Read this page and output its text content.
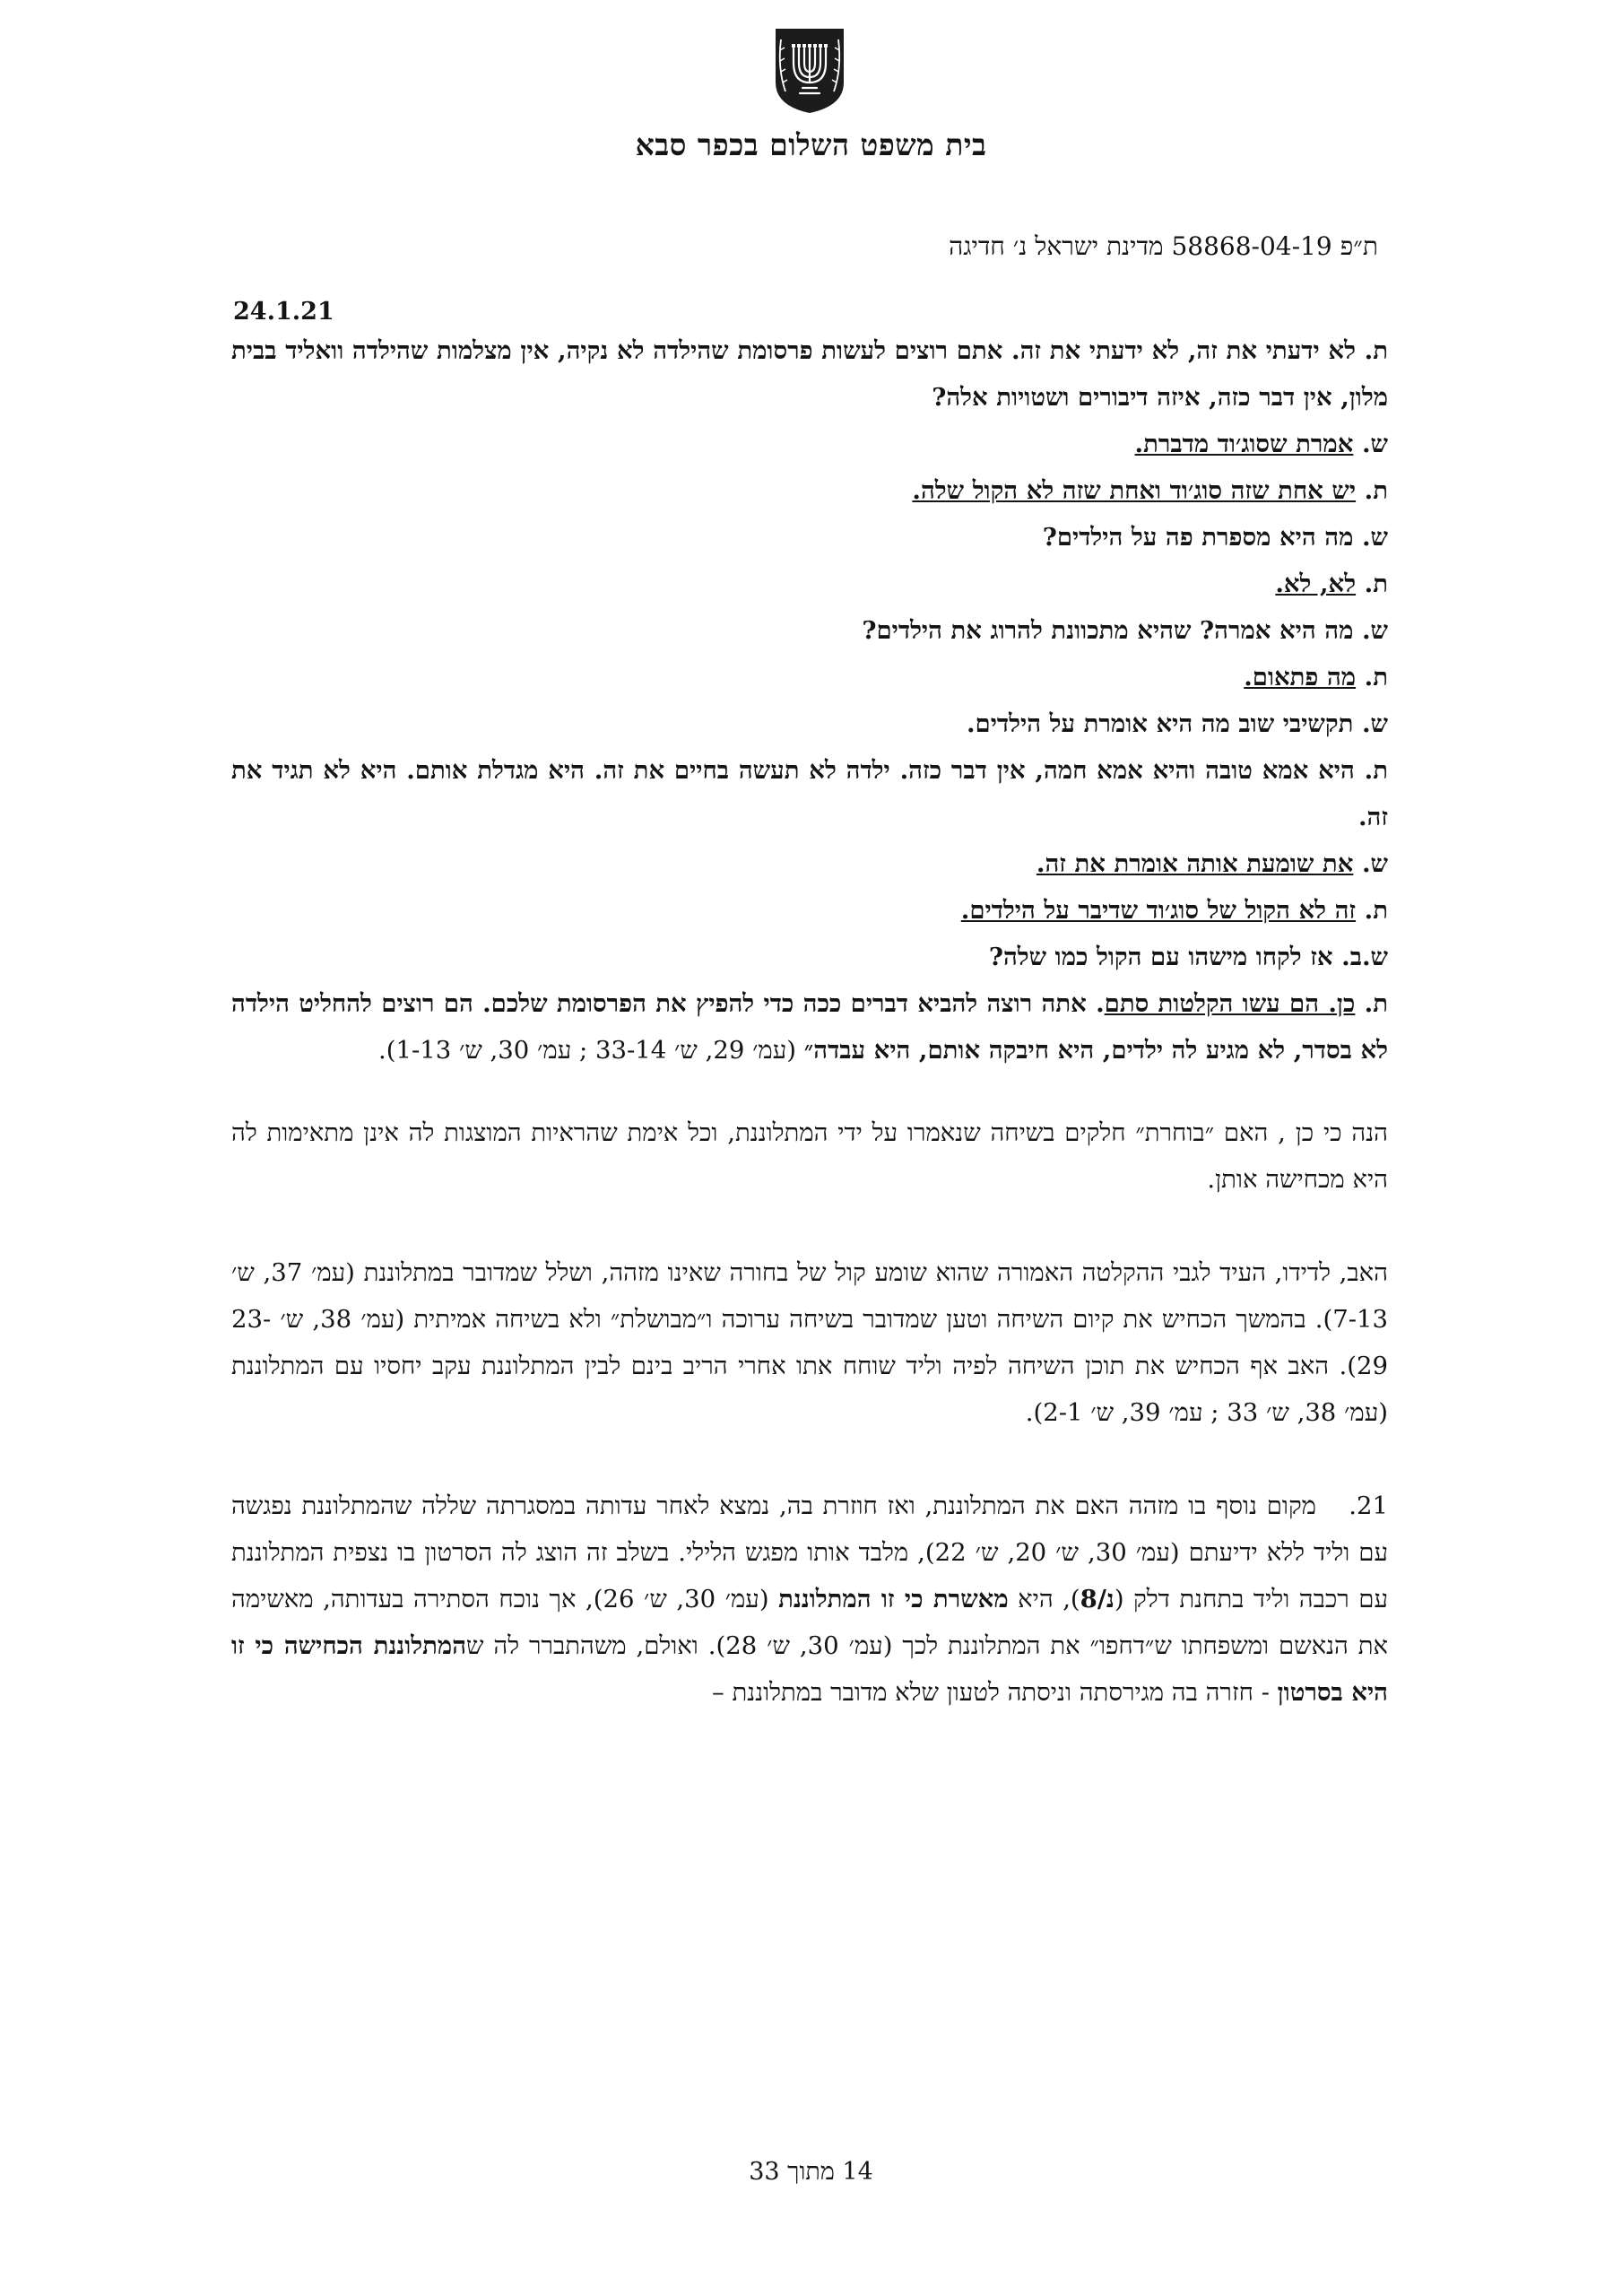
בית משפט השלום בכפר סבא
ת״פ 58868-04-19 מדינת ישראל נ׳ חדיגה
24.1.21

ת. לא ידעתי את זה, לא ידעתי את זה. אתם רוצים לעשות פרסומת שהילדה לא נקיה, אין מצלמות שהילדה וואליד בבית מלון, אין דבר כזה, איזה דיבורים ושטויות אלה?

ש. אמרת שסוג׳וד מדברת.

ת. יש אחת שזה סוג׳וד ואחת שזה לא הקול שלה.

ש. מה היא מספרת פה על הילדים?

ת. לא, לא.

ש. מה היא אמרה? שהיא מתכוונת להרוג את הילדים?

ת. מה פתאום.

ש. תקשיבי שוב מה היא אומרת על הילדים.

ת. היא אמא טובה והיא אמא חמה, אין דבר כזה. ילדה לא תעשה בחיים את זה. היא מגדלת אותם. היא לא תגיד את זה.

ש. את שומעת אותה אומרת את זה.

ת. זה לא הקול של סוג׳וד שדיבר על הילדים.

ש.ב. אז לקחו מישהו עם הקול כמו שלה?

ת. כן. הם עשו הקלטות סתם. אתה רוצה להביא דברים ככה כדי להפיץ את הפרסומת שלכם. הם רוצים להחליט הילדה לא בסדר, לא מגיע לה ילדים, היא חיבקה אותם, היא עבדה״ (עמ׳ 29, ש׳ 33-14 ; עמ׳ 30, ש׳ 1-13).

הנה כי כן , האם ״בוחרת״ חלקים בשיחה שנאמרו על ידי המתלוננת, וכל אימת שהראיות המוצגות לה אינן מתאימות לה היא מכחישה אותן.

האב, לדידו, העיד לגבי ההקלטה האמורה שהוא שומע קול של בחורה שאינו מזהה, ושלל שמדובר במתלוננת (עמ׳ 37, ש׳ 7-13). בהמשך הכחיש את קיום השיחה וטען שמדובר בשיחה ערוכה ו״מבושלת״ ולא בשיחה אמיתית (עמ׳ 38, ש׳ 23-29). האב אף הכחיש את תוכן השיחה לפיה וליד שוחח אתו אחרי הריב בינם לבין המתלוננת עקב יחסיו עם המתלוננת (עמ׳ 38, ש׳ 33 ; עמ׳ 39, ש׳ 2-1).

21.מקום נוסף בו מזהה האם את המתלוננת, ואז חוזרת בה, נמצא לאחר עדותה במסגרתה שללה שהמתלוננת נפגשה עם וליד ללא ידיעתם (עמ׳ 30, ש׳ 20, ש׳ 22), מלבד אותו מפגש הלילי. בשלב זה הוצג לה הסרטון בו נצפית המתלוננת עם רכבה וליד בתחנת דלק (נ/8), היא מאשרת כי זו המתלוננת (עמ׳ 30, ש׳ 26), אך נוכח הסתירה בעדותה, מאשימה את הנאשם ומשפחתו ש״דחפו״ את המתלוננת לכך (עמ׳ 30, ש׳ 28). ואולם, משהתברר לה שהמתלוננת הכחישה כי זו היא בסרטון - חזרה בה מגירסתה וניסתה לטעון שלא מדובר במתלוננת –

14 מתוך 33
